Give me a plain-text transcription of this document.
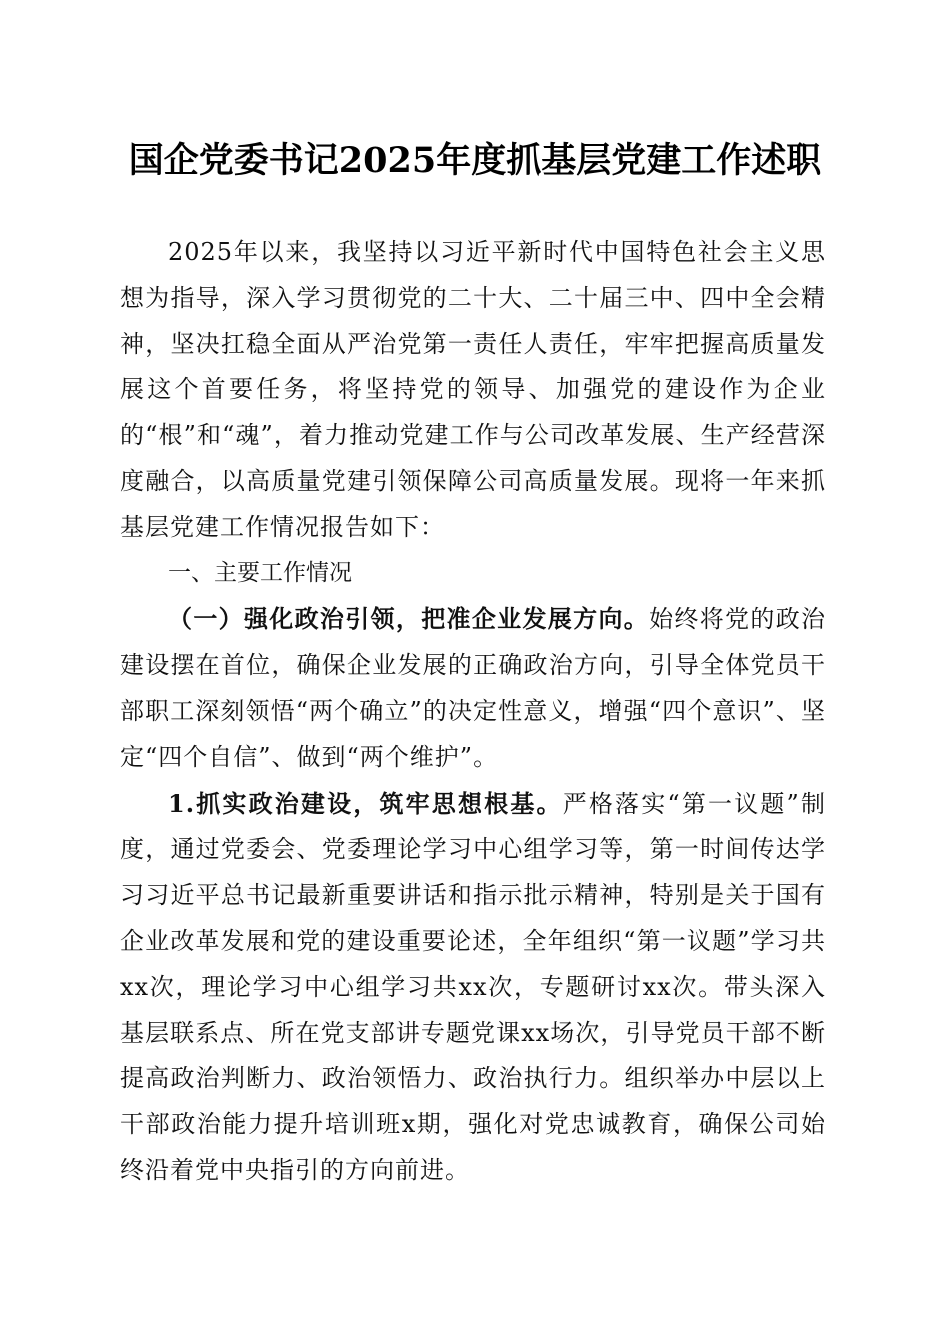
国企党委书记2025年度抓基层党建工作述职

2025年以来，我坚持以习近平新时代中国特色社会主义思想为指导，深入学习贯彻党的二十大、二十届三中、四中全会精神，坚决扛稳全面从严治党第一责任人责任，牢牢把握高质量发展这个首要任务，将坚持党的领导、加强党的建设作为企业的“根”和“魂”，着力推动党建工作与公司改革发展、生产经营深度融合，以高质量党建引领保障公司高质量发展。现将一年来抓基层党建工作情况报告如下：

一、主要工作情况

（一）强化政治引领，把准企业发展方向。始终将党的政治建设摆在首位，确保企业发展的正确政治方向，引导全体党员干部职工深刻领悟“两个确立”的决定性意义，增强“四个意识”、坚定“四个自信”、做到“两个维护”。

1.抓实政治建设，筑牢思想根基。严格落实“第一议题”制度，通过党委会、党委理论学习中心组学习等，第一时间传达学习习近平总书记最新重要讲话和指示批示精神，特别是关于国有企业改革发展和党的建设重要论述，全年组织“第一议题”学习共xx次，理论学习中心组学习共xx次，专题研讨xx次。带头深入基层联系点、所在党支部讲专题党课xx场次，引导党员干部不断提高政治判断力、政治领悟力、政治执行力。组织举办中层以上干部政治能力提升培训班x期，强化对党忠诚教育，确保公司始终沿着党中央指引的方向前进。
